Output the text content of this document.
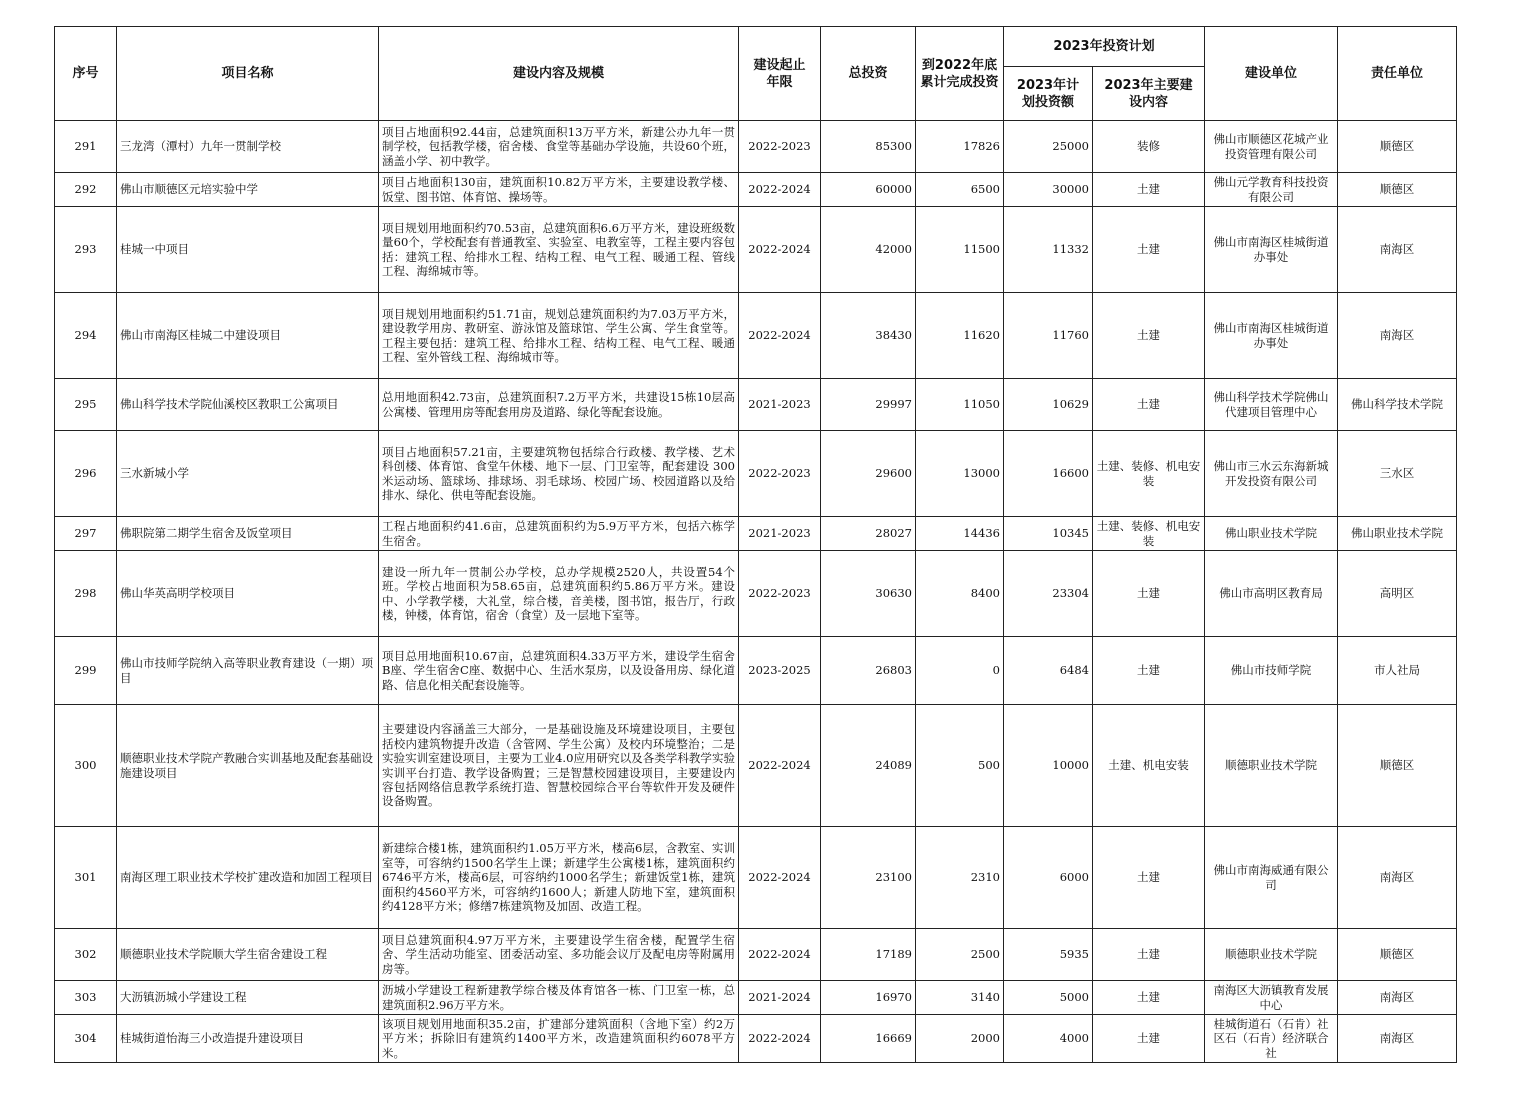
序号	项目名称	建设内容及规模	建设起止年限	总投资	到2022年底累计完成投资	2023年投资计划		建设单位	责任单位
						2023年计划投资额	2023年主要建设内容		
291	三龙湾（潭村）九年一贯制学校	项目占地面积92.44亩，总建筑面积13万平方米，新建公办九年一贯制学校，包括教学楼，宿舍楼、食堂等基础办学设施，共设60个班，涵盖小学、初中教学。	2022-2023	85300	17826	25000	装修	佛山市顺德区花城产业投资管理有限公司	顺德区
292	佛山市顺德区元培实验中学	项目占地面积130亩，建筑面积10.82万平方米，主要建设教学楼、饭堂、图书馆、体育馆、操场等。	2022-2024	60000	6500	30000	土建	佛山元学教育科技投资有限公司	顺德区
293	桂城一中项目	项目规划用地面积约70.53亩，总建筑面积6.6万平方米，建设班级数量60个，学校配套有普通教室、实验室、电教室等，工程主要内容包括：建筑工程、给排水工程、结构工程、电气工程、暖通工程、管线工程、海绵城市等。	2022-2024	42000	11500	11332	土建	佛山市南海区桂城街道办事处	南海区
294	佛山市南海区桂城二中建设项目	项目规划用地面积约51.71亩，规划总建筑面积约为7.03万平方米，建设教学用房、教研室、游泳馆及篮球馆、学生公寓、学生食堂等。工程主要包括：建筑工程、给排水工程、结构工程、电气工程、暖通工程、室外管线工程、海绵城市等。	2022-2024	38430	11620	11760	土建	佛山市南海区桂城街道办事处	南海区
295	佛山科学技术学院仙溪校区教职工公寓项目	总用地面积42.73亩，总建筑面积7.2万平方米，共建设15栋10层高公寓楼、管理用房等配套用房及道路、绿化等配套设施。	2021-2023	29997	11050	10629	土建	佛山科学技术学院佛山代建项目管理中心	佛山科学技术学院
296	三水新城小学	项目占地面积57.21亩，主要建筑物包括综合行政楼、教学楼、艺术科创楼、体育馆、食堂午休楼、地下一层、门卫室等，配套建设 300 米运动场、篮球场、排球场、羽毛球场、校园广场、校园道路以及给排水、绿化、供电等配套设施。	2022-2023	29600	13000	16600	土建、装修、机电安装	佛山市三水云东海新城开发投资有限公司	三水区
297	佛职院第二期学生宿舍及饭堂项目	工程占地面积约41.6亩，总建筑面积约为5.9万平方米，包括六栋学生宿舍。	2021-2023	28027	14436	10345	土建、装修、机电安装	佛山职业技术学院	佛山职业技术学院
298	佛山华英高明学校项目	建设一所九年一贯制公办学校，总办学规模2520人，共设置54个班。学校占地面积为58.65亩，总建筑面积约5.86万平方米。建设中、小学教学楼，大礼堂，综合楼，音美楼，图书馆，报告厅，行政楼，钟楼，体育馆，宿舍（食堂）及一层地下室等。	2022-2023	30630	8400	23304	土建	佛山市高明区教育局	高明区
299	佛山市技师学院纳入高等职业教育建设（一期）项目	项目总用地面积10.67亩，总建筑面积4.33万平方米，建设学生宿舍B座、学生宿舍C座、数据中心、生活水泵房，以及设备用房、绿化道路、信息化相关配套设施等。	2023-2025	26803	0	6484	土建	佛山市技师学院	市人社局
300	顺德职业技术学院产教融合实训基地及配套基础设施建设项目	主要建设内容涵盖三大部分，一是基础设施及环境建设项目，主要包括校内建筑物提升改造（含管网、学生公寓）及校内环境整治；二是实验实训室建设项目，主要为工业4.0应用研究以及各类学科教学实验实训平台打造、教学设备购置；三是智慧校园建设项目，主要建设内容包括网络信息教学系统打造、智慧校园综合平台等软件开发及硬件设备购置。	2022-2024	24089	500	10000	土建、机电安装	顺德职业技术学院	顺德区
301	南海区理工职业技术学校扩建改造和加固工程项目	新建综合楼1栋，建筑面积约1.05万平方米，楼高6层，含教室、实训室等，可容纳约1500名学生上课；新建学生公寓楼1栋，建筑面积约6746平方米，楼高6层，可容纳约1000名学生；新建饭堂1栋，建筑面积约4560平方米，可容纳约1600人；新建人防地下室，建筑面积约4128平方米；修缮7栋建筑物及加固、改造工程。	2022-2024	23100	2310	6000	土建	佛山市南海威通有限公司	南海区
302	顺德职业技术学院顺大学生宿舍建设工程	项目总建筑面积4.97万平方米，主要建设学生宿舍楼，配置学生宿舍、学生活动功能室、团委活动室、多功能会议厅及配电房等附属用房等。	2022-2024	17189	2500	5935	土建	顺德职业技术学院	顺德区
303	大沥镇沥城小学建设工程	沥城小学建设工程新建教学综合楼及体育馆各一栋、门卫室一栋，总建筑面积2.96万平方米。	2021-2024	16970	3140	5000	土建	南海区大沥镇教育发展中心	南海区
304	桂城街道怡海三小改造提升建设项目	该项目规划用地面积35.2亩，扩建部分建筑面积（含地下室）约2万平方米；拆除旧有建筑约1400平方米，改造建筑面积约6078平方米。	2022-2024	16669	2000	4000	土建	桂城街道石（石肯）社区石（石肯）经济联合社	南海区
